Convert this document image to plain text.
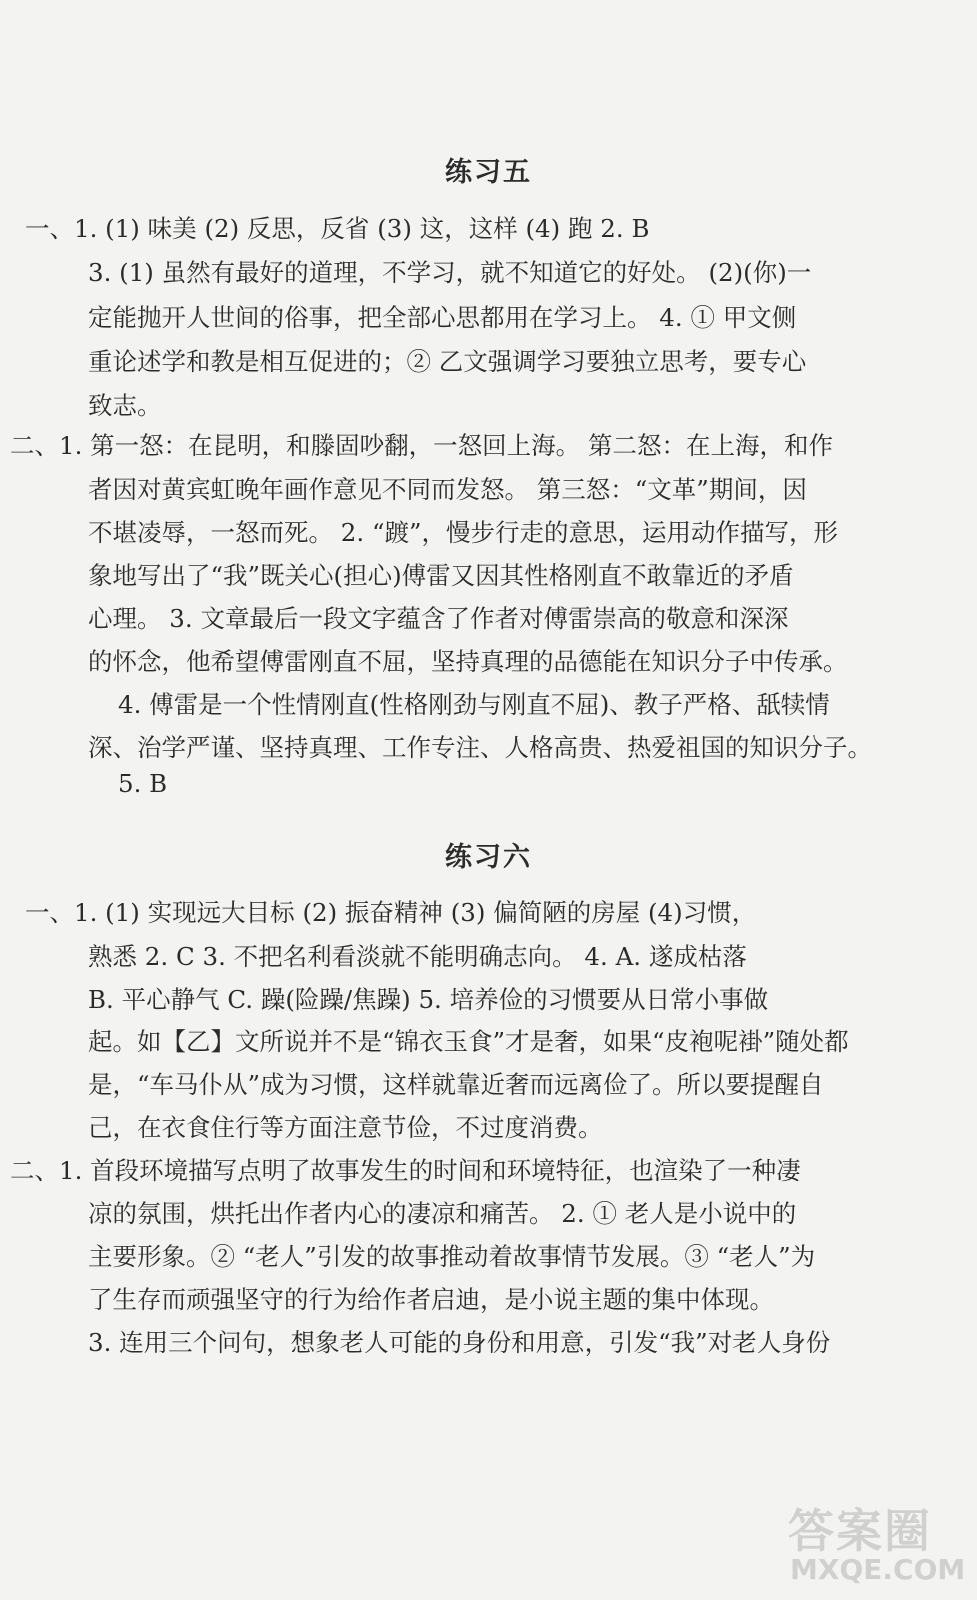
练习五
一、1. (1) 味美 (2) 反思，反省 (3) 这，这样 (4) 跑 2. B
3. (1) 虽然有最好的道理，不学习，就不知道它的好处。 (2)(你)一
定能抛开人世间的俗事，把全部心思都用在学习上。 4. ① 甲文侧
重论述学和教是相互促进的；② 乙文强调学习要独立思考，要专心
致志。
二、1. 第一怒：在昆明，和滕固吵翻，一怒回上海。 第二怒：在上海，和作
者因对黄宾虹晚年画作意见不同而发怒。 第三怒：“文革”期间，因
不堪凌辱，一怒而死。 2. “踱”，慢步行走的意思，运用动作描写，形
象地写出了“我”既关心(担心)傅雷又因其性格刚直不敢靠近的矛盾
心理。 3. 文章最后一段文字蕴含了作者对傅雷崇高的敬意和深深
的怀念，他希望傅雷刚直不屈，坚持真理的品德能在知识分子中传承。
4. 傅雷是一个性情刚直(性格刚劲与刚直不屈)、教子严格、舐犊情
深、治学严谨、坚持真理、工作专注、人格高贵、热爱祖国的知识分子。
5. B
练习六
一、1. (1) 实现远大目标 (2) 振奋精神 (3) 偏简陋的房屋 (4)习惯，
熟悉 2. C 3. 不把名利看淡就不能明确志向。 4. A. 遂成枯落
B. 平心静气 C. 躁(险躁/焦躁) 5. 培养俭的习惯要从日常小事做
起。如【乙】文所说并不是“锦衣玉食”才是奢，如果“皮袍呢褂”随处都
是，“车马仆从”成为习惯，这样就靠近奢而远离俭了。所以要提醒自
己，在衣食住行等方面注意节俭，不过度消费。
二、1. 首段环境描写点明了故事发生的时间和环境特征，也渲染了一种凄
凉的氛围，烘托出作者内心的凄凉和痛苦。 2. ① 老人是小说中的
主要形象。② “老人”引发的故事推动着故事情节发展。③ “老人”为
了生存而顽强坚守的行为给作者启迪，是小说主题的集中体现。
3. 连用三个问句，想象老人可能的身份和用意，引发“我”对老人身份
答案圈
MXQE.COM
